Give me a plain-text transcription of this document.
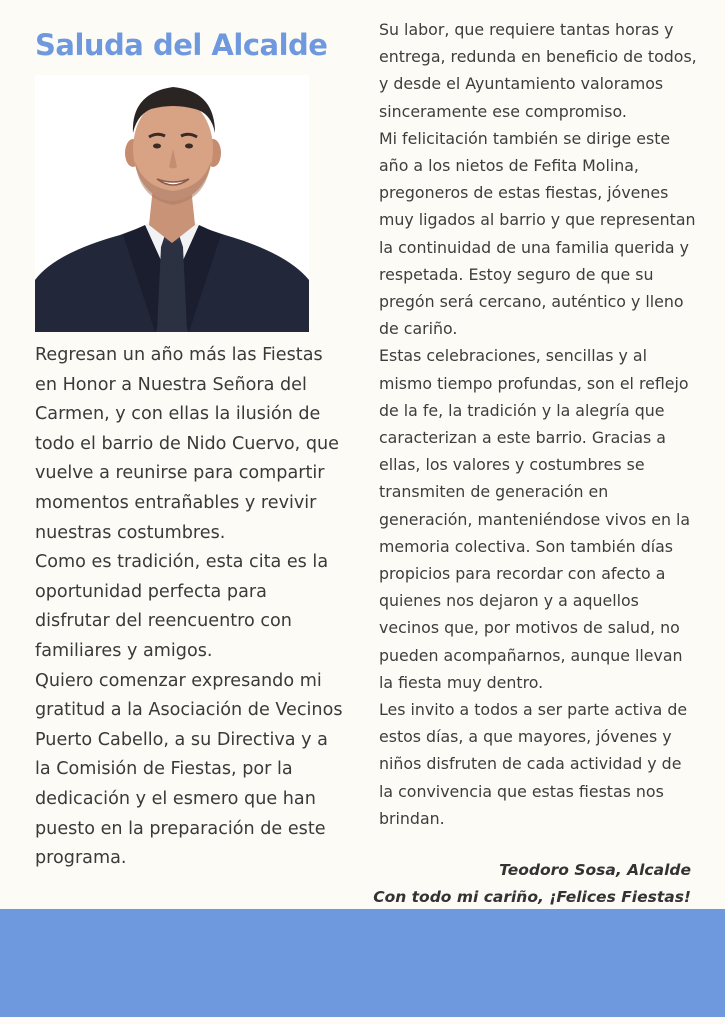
Saluda del Alcalde

Regresan un año más las Fiestas en Honor a Nuestra Señora del Carmen, y con ellas la ilusión de todo el barrio de Nido Cuervo, que vuelve a reunirse para compartir momentos entrañables y revivir nuestras costumbres.

Como es tradición, esta cita es la oportunidad perfecta para disfrutar del reencuentro con familiares y amigos.

Quiero comenzar expresando mi gratitud a la Asociación de Vecinos Puerto Cabello, a su Directiva y a la Comisión de Fiestas, por la dedicación y el esmero que han puesto en la preparación de este programa.

Su labor, que requiere tantas horas y entrega, redunda en beneficio de todos, y desde el Ayuntamiento valoramos sinceramente ese compromiso.

Mi felicitación también se dirige este año a los nietos de Fefita Molina, pregoneros de estas fiestas, jóvenes muy ligados al barrio y que representan la continuidad de una familia querida y respetada. Estoy seguro de que su pregón será cercano, auténtico y lleno de cariño.

Estas celebraciones, sencillas y al mismo tiempo profundas, son el reflejo de la fe, la tradición y la alegría que caracterizan a este barrio. Gracias a ellas, los valores y costumbres se transmiten de generación en generación, manteniéndose vivos en la memoria colectiva. Son también días propicios para recordar con afecto a quienes nos dejaron y a aquellos vecinos que, por motivos de salud, no pueden acompañarnos, aunque llevan la fiesta muy dentro.

Les invito a todos a ser parte activa de estos días, a que mayores, jóvenes y niños disfruten de cada actividad y de la convivencia que estas fiestas nos brindan.

Teodoro Sosa, Alcalde

Con todo mi cariño, ¡Felices Fiestas!
